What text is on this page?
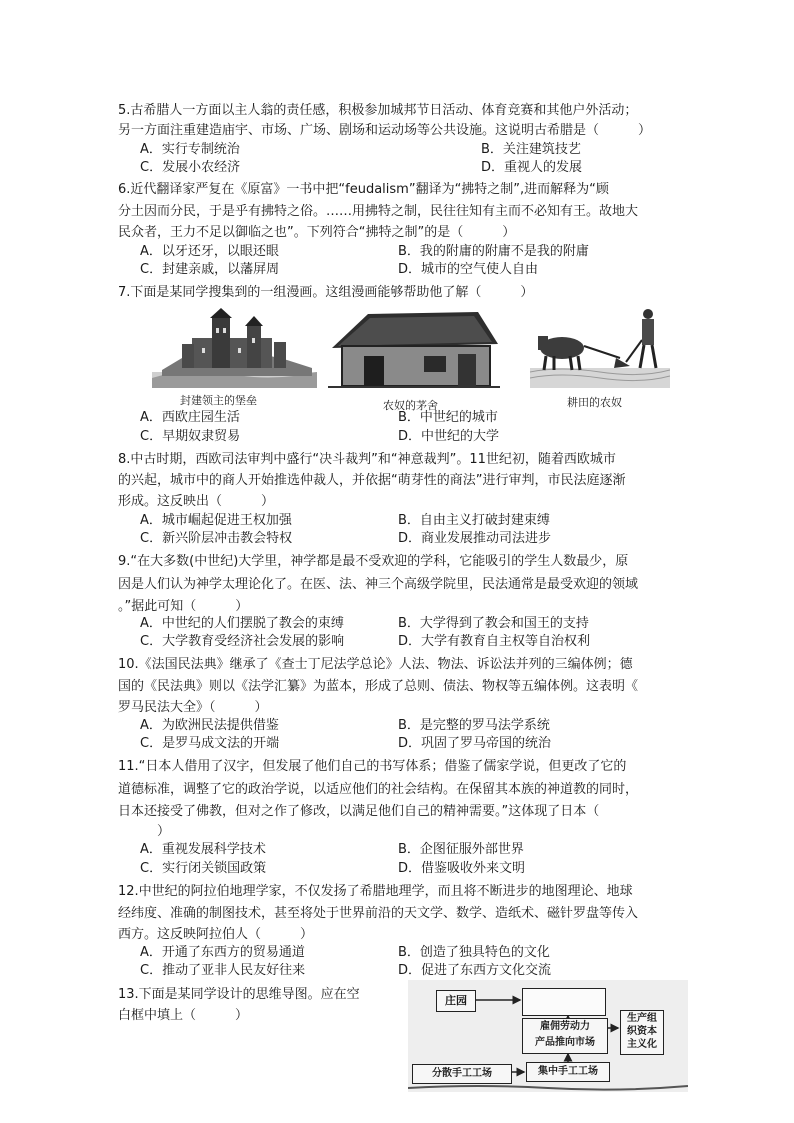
5.古希腊人一方面以主人翁的责任感，积极参加城邦节日活动、体育竞赛和其他户外活动；
另一方面注重建造庙宇、市场、广场、剧场和运动场等公共设施。这说明古希腊是（　　　）
A．实行专制统治	B．关注建筑技艺
C．发展小农经济	D．重视人的发展
6.近代翻译家严复在《原富》一书中把“feudalism”翻译为“拂特之制”,进而解释为“顾
分土因而分民，于是乎有拂特之俗。……用拂特之制，民往往知有主而不必知有王。故地大
民众者，王力不足以御临之也”。下列符合“拂特之制”的是（　　　）
A．以牙还牙，以眼还眼	B．我的附庸的附庸不是我的附庸
C．封建亲戚，以藩屏周	D．城市的空气使人自由
7.下面是某同学搜集到的一组漫画。这组漫画能够帮助他了解（　　　）
封建领主的堡垒	农奴的茅舍	耕田的农奴
A．西欧庄园生活	B．中世纪的城市
C．早期奴隶贸易	D．中世纪的大学
8.中古时期，西欧司法审判中盛行“决斗裁判”和“神意裁判”。11世纪初，随着西欧城市
的兴起，城市中的商人开始推选仲裁人，并依据“萌芽性的商法”进行审判，市民法庭逐渐
形成。这反映出（　　　）
A．城市崛起促进王权加强	B．自由主义打破封建束缚
C．新兴阶层冲击教会特权	D．商业发展推动司法进步
9.“在大多数(中世纪)大学里，神学都是最不受欢迎的学科，它能吸引的学生人数最少，原
因是人们认为神学太理论化了。在医、法、神三个高级学院里，民法通常是最受欢迎的领域
。”据此可知（　　　）
A．中世纪的人们摆脱了教会的束缚	B．大学得到了教会和国王的支持
C．大学教育受经济社会发展的影响	D．大学有教育自主权等自治权利
10.《法国民法典》继承了《查士丁尼法学总论》人法、物法、诉讼法并列的三编体例；德
国的《民法典》则以《法学汇纂》为蓝本，形成了总则、债法、物权等五编体例。这表明《
罗马民法大全》（　　　）
A．为欧洲民法提供借鉴	B．是完整的罗马法学系统
C．是罗马成文法的开端	D．巩固了罗马帝国的统治
11.“日本人借用了汉字，但发展了他们自己的书写体系；借鉴了儒家学说，但更改了它的
道德标准，调整了它的政治学说，以适应他们的社会结构。在保留其本族的神道教的同时，
日本还接受了佛教，但对之作了修改，以满足他们自己的精神需要。”这体现了日本（
　　　）
A．重视发展科学技术	B．企图征服外部世界
C．实行闭关锁国政策	D．借鉴吸收外来文明
12.中世纪的阿拉伯地理学家，不仅发扬了希腊地理学，而且将不断进步的地图理论、地球
经纬度、准确的制图技术，甚至将处于世界前沿的天文学、数学、造纸术、磁针罗盘等传入
西方。这反映阿拉伯人（　　　）
A．开通了东西方的贸易通道	B．创造了独具特色的文化
C．推动了亚非人民友好往来	D．促进了东西方文化交流
13.下面是某同学设计的思维导图。应在空
白框中填上（　　　）
庄园
雇佣劳动力
产品推向市场
生产组
织资本
主义化
集中手工工场
分散手工工场
